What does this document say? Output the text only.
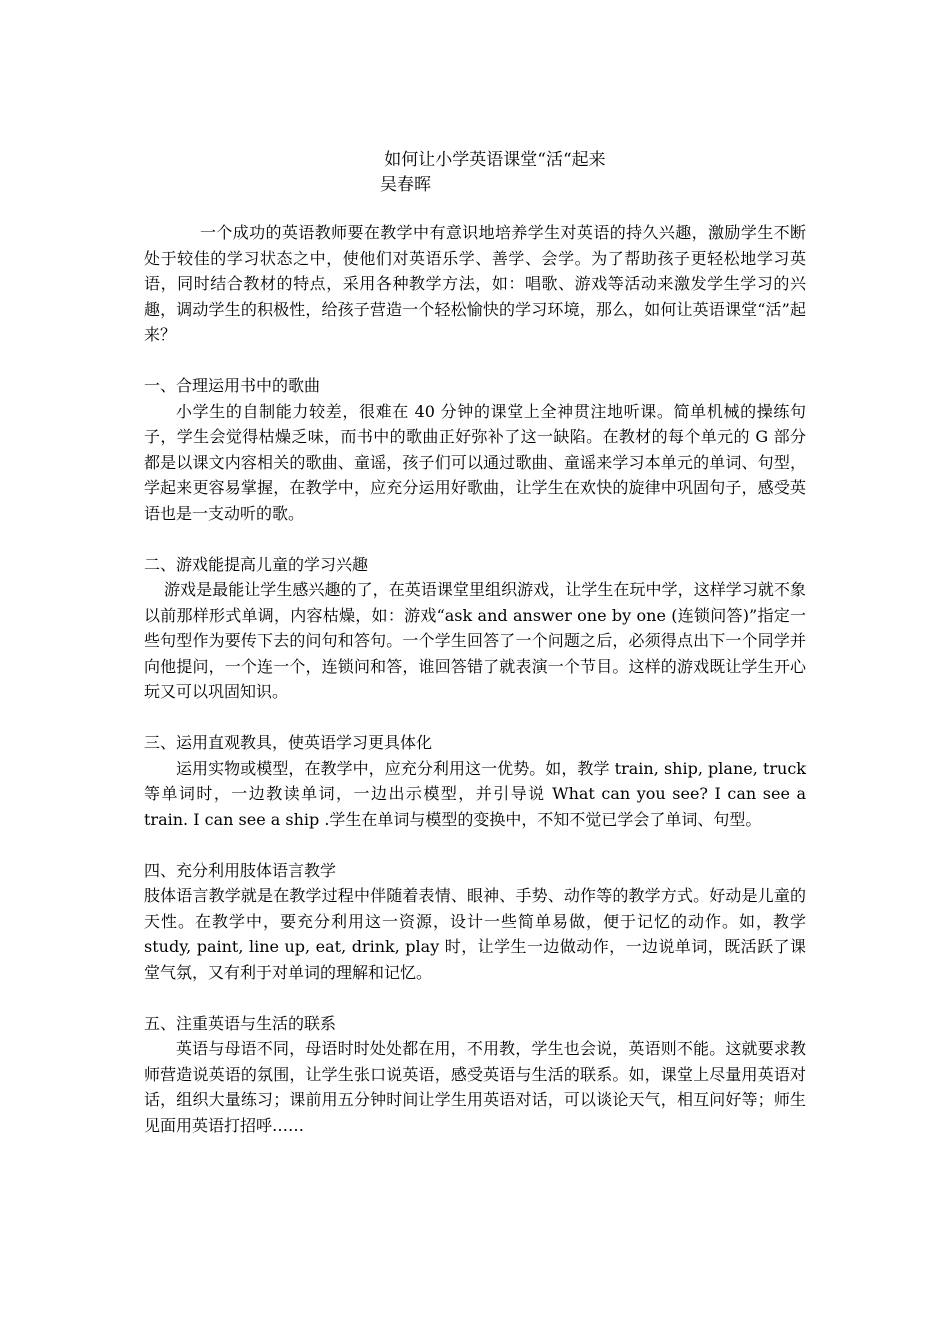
如何让小学英语课堂“活“起来

吴春晖

一个成功的英语教师要在教学中有意识地培养学生对英语的持久兴趣，激励学生不断处于较佳的学习状态之中，使他们对英语乐学、善学、会学。为了帮助孩子更轻松地学习英语，同时结合教材的特点，采用各种教学方法，如：唱歌、游戏等活动来激发学生学习的兴趣，调动学生的积极性，给孩子营造一个轻松愉快的学习环境，那么，如何让英语课堂“活”起来？

一、合理运用书中的歌曲

小学生的自制能力较差，很难在 40 分钟的课堂上全神贯注地听课。简单机械的操练句子，学生会觉得枯燥乏味，而书中的歌曲正好弥补了这一缺陷。在教材的每个单元的 G 部分都是以课文内容相关的歌曲、童谣，孩子们可以通过歌曲、童谣来学习本单元的单词、句型，学起来更容易掌握，在教学中，应充分运用好歌曲，让学生在欢快的旋律中巩固句子，感受英语也是一支动听的歌。

二、游戏能提高儿童的学习兴趣

游戏是最能让学生感兴趣的了，在英语课堂里组织游戏，让学生在玩中学，这样学习就不象以前那样形式单调，内容枯燥，如：游戏“ask and answer one by one (连锁问答)”指定一些句型作为要传下去的问句和答句。一个学生回答了一个问题之后，必须得点出下一个同学并向他提问，一个连一个，连锁问和答，谁回答错了就表演一个节目。这样的游戏既让学生开心玩又可以巩固知识。

三、运用直观教具，使英语学习更具体化

运用实物或模型，在教学中，应充分利用这一优势。如，教学 train, ship, plane, truck 等单词时，一边教读单词，一边出示模型，并引导说 What can you see? I can see a train. I can see a ship .学生在单词与模型的变换中，不知不觉已学会了单词、句型。

四、充分利用肢体语言教学

肢体语言教学就是在教学过程中伴随着表情、眼神、手势、动作等的教学方式。好动是儿童的天性。在教学中，要充分利用这一资源，设计一些简单易做，便于记忆的动作。如，教学 study, paint, line up, eat, drink, play 时，让学生一边做动作，一边说单词，既活跃了课堂气氛，又有利于对单词的理解和记忆。

五、注重英语与生活的联系

英语与母语不同，母语时时处处都在用，不用教，学生也会说，英语则不能。这就要求教师营造说英语的氛围，让学生张口说英语，感受英语与生活的联系。如，课堂上尽量用英语对话，组织大量练习；课前用五分钟时间让学生用英语对话，可以谈论天气，相互问好等；师生见面用英语打招呼……
